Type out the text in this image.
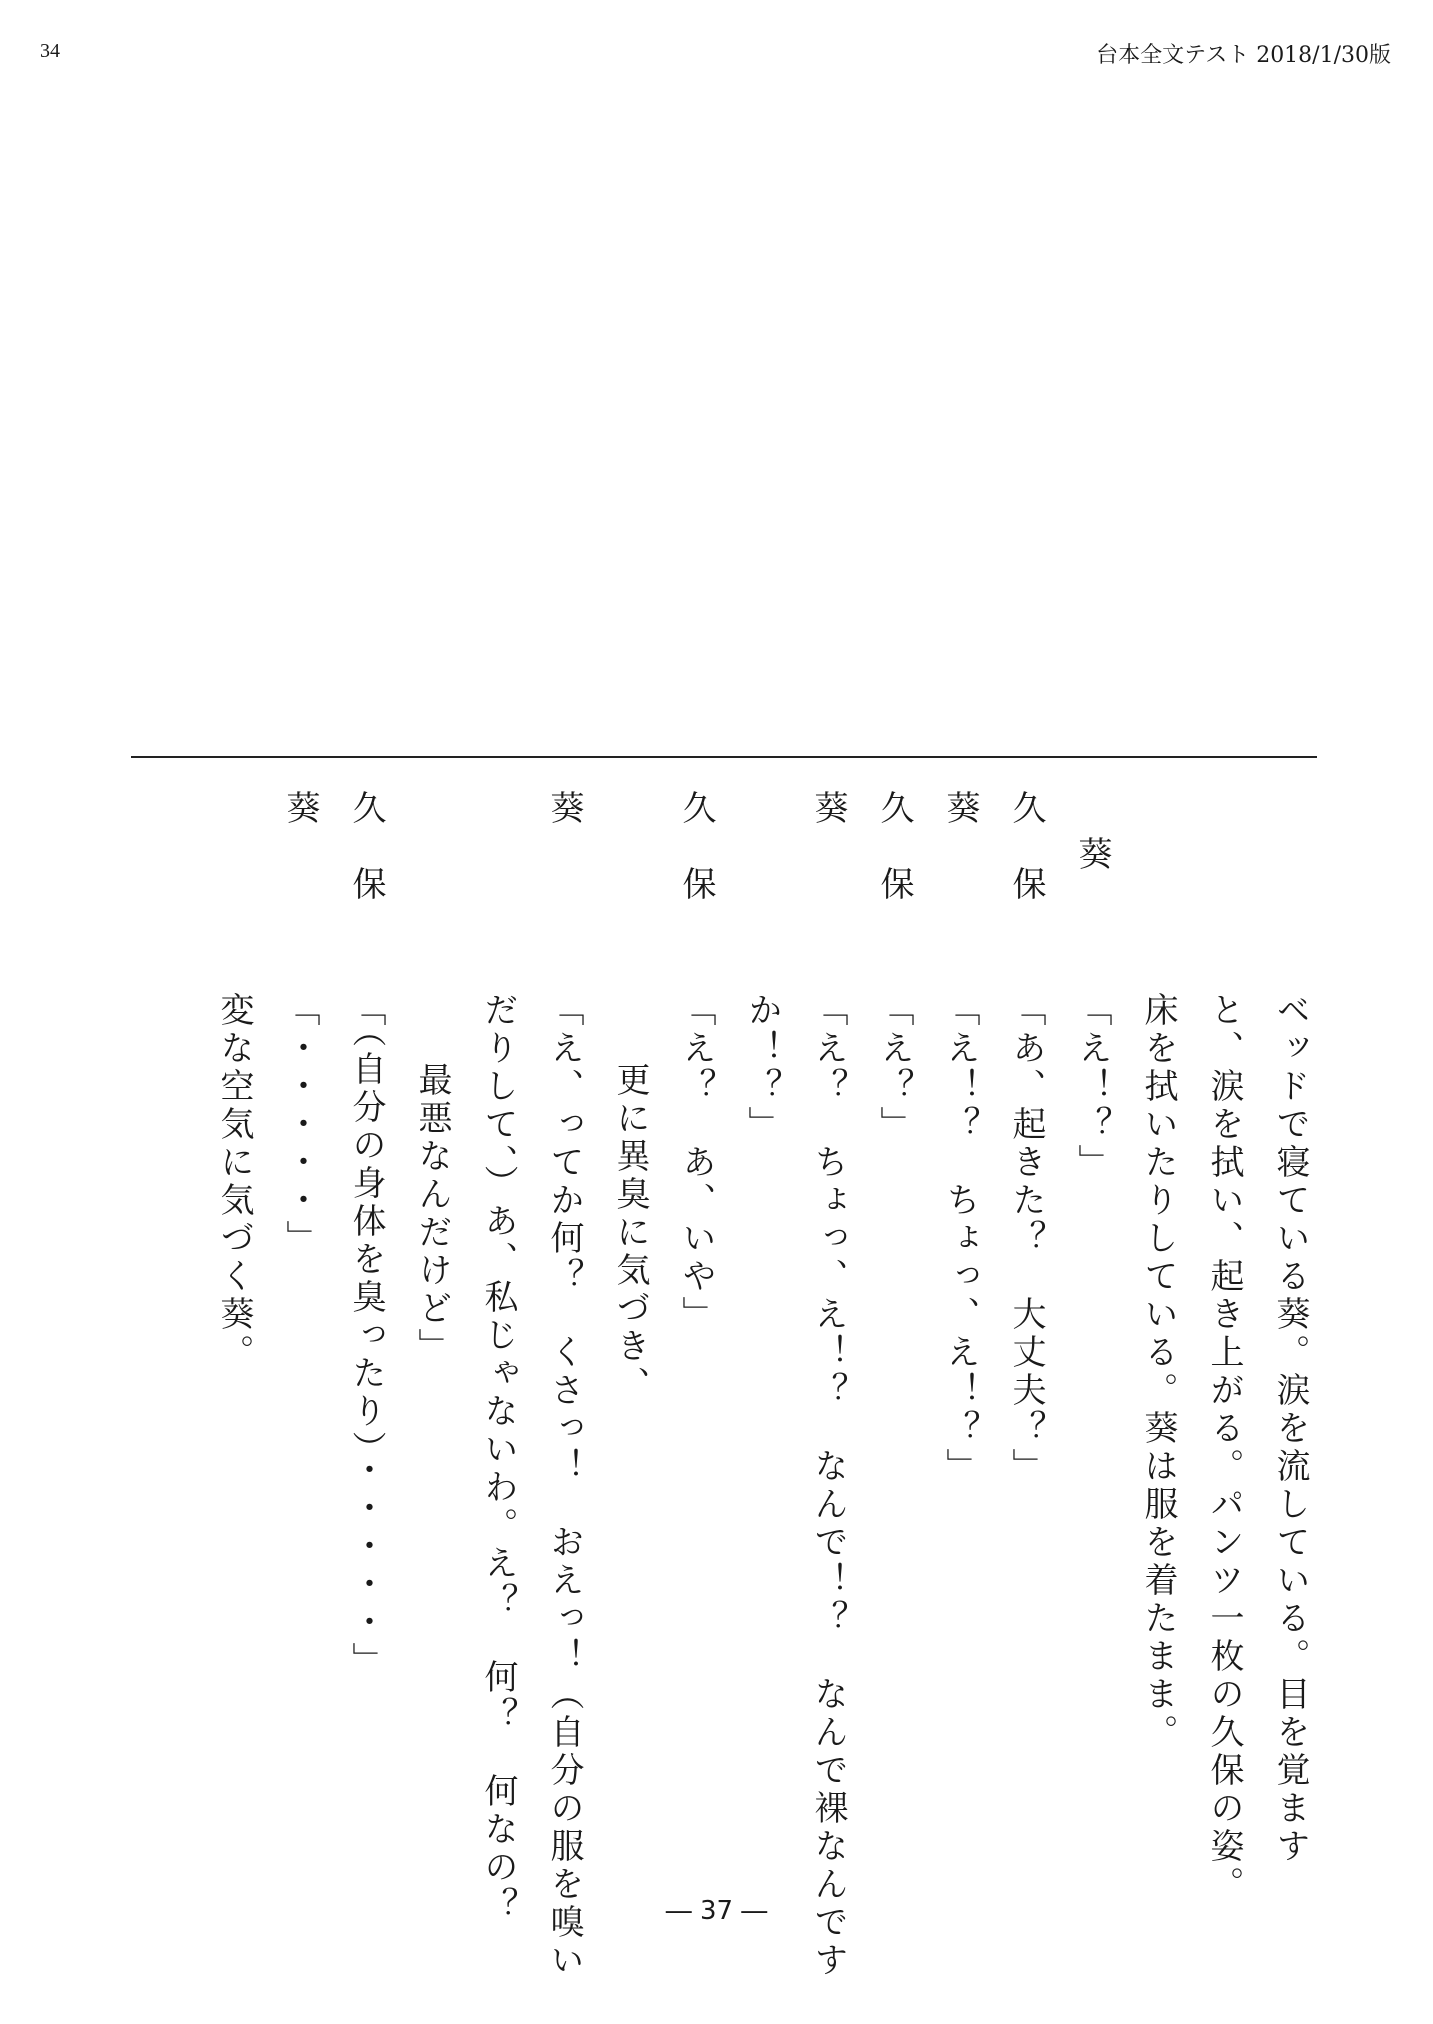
34	台本全文テスト 2018/1/30版
ベッドで寝ている葵。涙を流している。目を覚ます
と、涙を拭い、起き上がる。パンツ一枚の久保の姿。
床を拭いたりしている。葵は服を着たまま。
葵「え！？」
久　保「あ、起きた？　大丈夫？」
葵「え！？　ちょっ、え！？」
久　保「え？」
葵「え？　ちょっ、え！？　なんで！？　なんで裸なんです
か！？」
久　保「え？　あ、いや」
更に異臭に気づき、
葵「え、ってか何？　くさっ！　おえっ！（自分の服を嗅い
だりして、）あ、私じゃないわ。え？　何？　何なの？
最悪なんだけど」
久　保「（自分の身体を臭ったり）・・・・・」
葵「・・・・・」
変な空気に気づく葵。
― 37 ―
